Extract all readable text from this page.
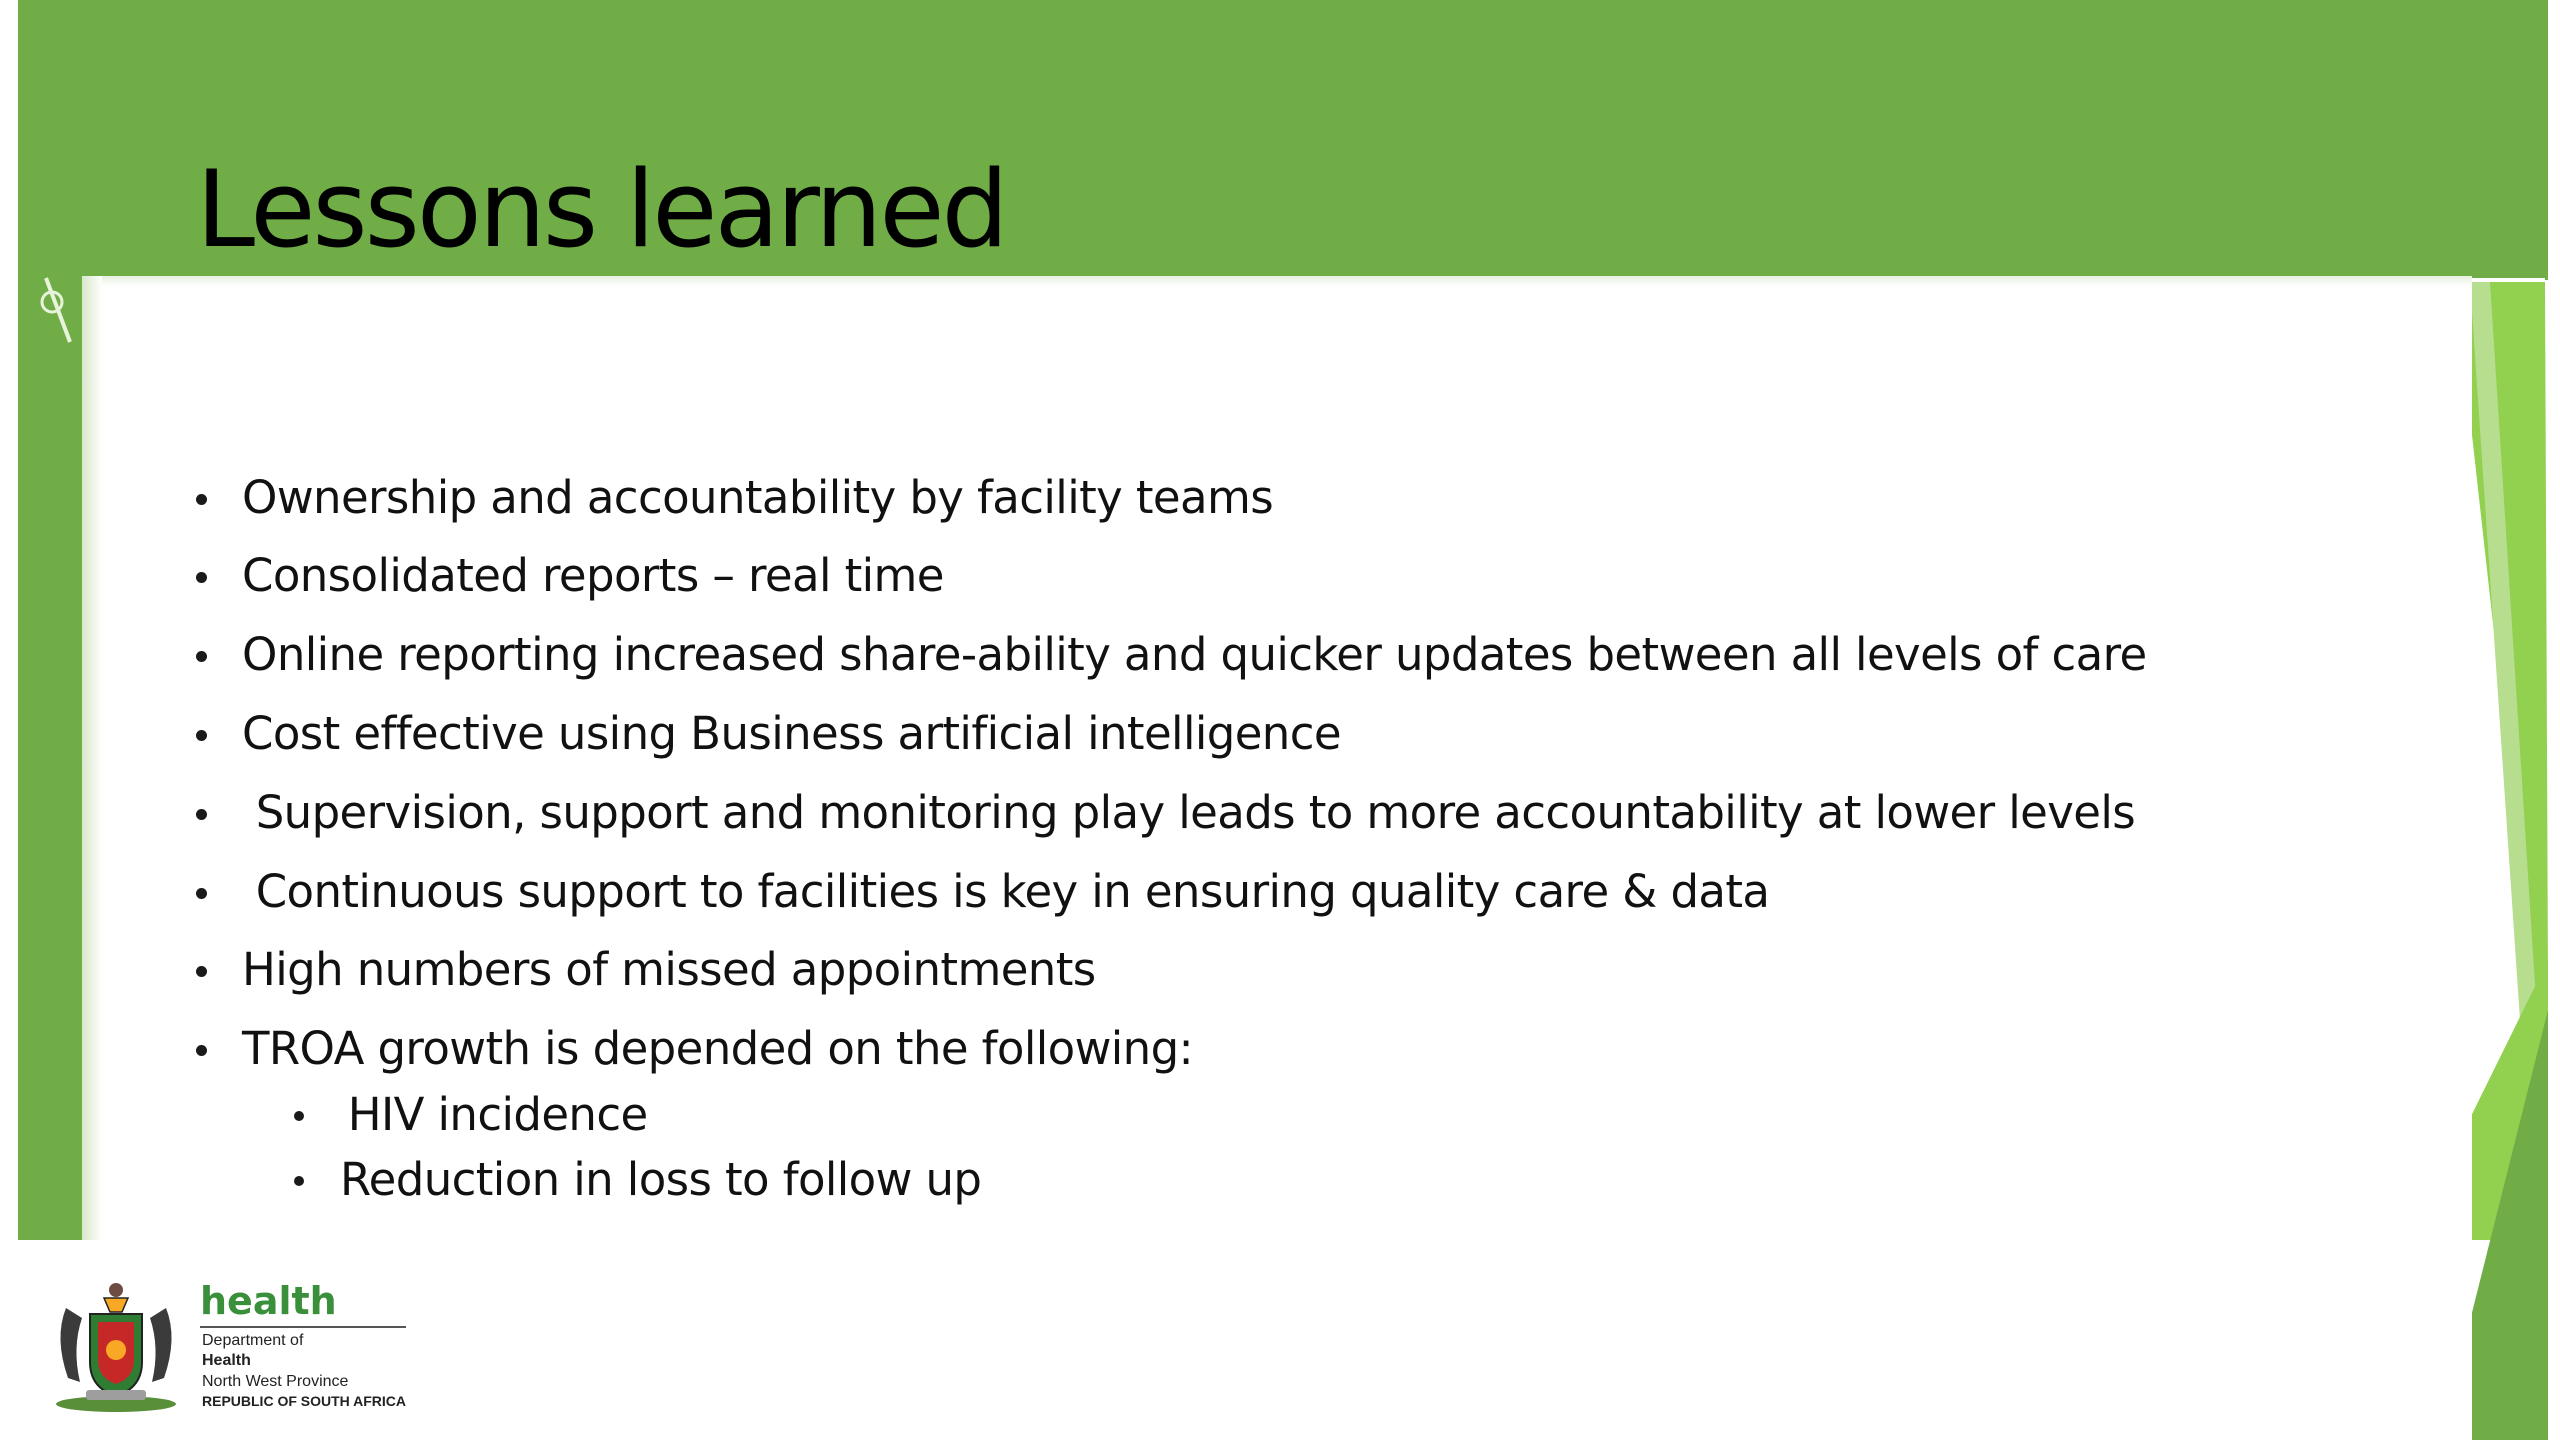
Lessons learned
Ownership and accountability by facility teams
Consolidated reports – real time
Online reporting increased share-ability and quicker updates between all levels of care
Cost effective using Business artificial intelligence
Supervision, support and monitoring play leads to more accountability at lower levels
Continuous support to facilities is key in ensuring quality care & data
High numbers of missed appointments
TROA growth is depended on the following:
HIV incidence
Reduction in loss to follow up
health
Department of
Health
North West Province
REPUBLIC OF SOUTH AFRICA
